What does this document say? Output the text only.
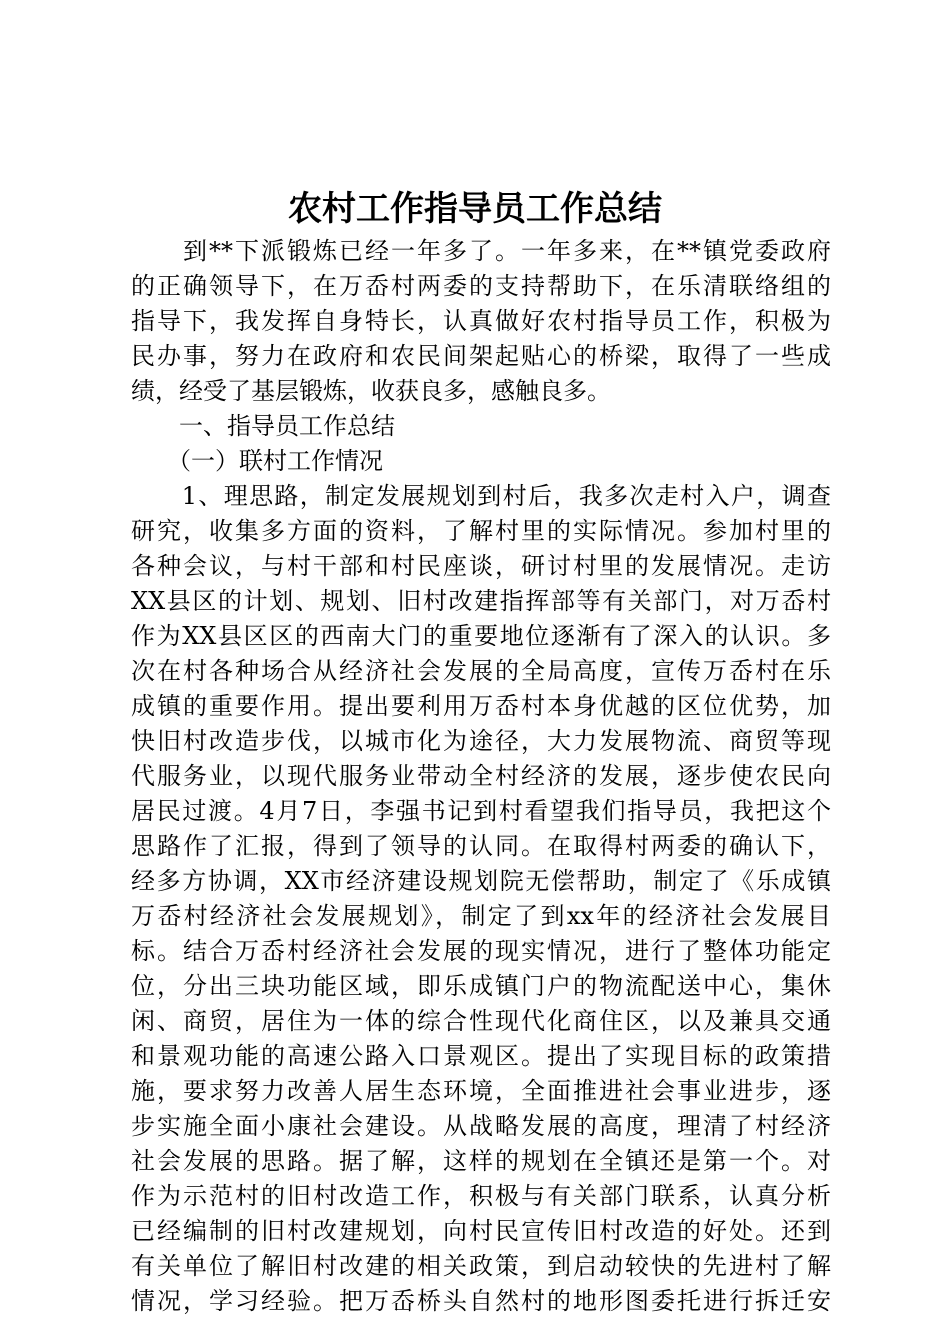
农村工作指导员工作总结
　　到**下派锻炼已经一年多了。一年多来，在**镇党委政府
的正确领导下，在万岙村两委的支持帮助下，在乐清联络组的
指导下，我发挥自身特长，认真做好农村指导员工作，积极为
民办事，努力在政府和农民间架起贴心的桥梁，取得了一些成
绩，经受了基层锻炼，收获良多，感触良多。
　　一、指导员工作总结
　　（一）联村工作情况
　　1、理思路，制定发展规划到村后，我多次走村入户，调查
研究，收集多方面的资料，了解村里的实际情况。参加村里的
各种会议，与村干部和村民座谈，研讨村里的发展情况。走访
XX县区的计划、规划、旧村改建指挥部等有关部门，对万岙村
作为XX县区区的西南大门的重要地位逐渐有了深入的认识。多
次在村各种场合从经济社会发展的全局高度，宣传万岙村在乐
成镇的重要作用。提出要利用万岙村本身优越的区位优势，加
快旧村改造步伐，以城市化为途径，大力发展物流、商贸等现
代服务业，以现代服务业带动全村经济的发展，逐步使农民向
居民过渡。4月7日，李强书记到村看望我们指导员，我把这个
思路作了汇报，得到了领导的认同。在取得村两委的确认下，
经多方协调，XX市经济建设规划院无偿帮助，制定了《乐成镇
万岙村经济社会发展规划》，制定了到xx年的经济社会发展目
标。结合万岙村经济社会发展的现实情况，进行了整体功能定
位，分出三块功能区域，即乐成镇门户的物流配送中心，集休
闲、商贸，居住为一体的综合性现代化商住区，以及兼具交通
和景观功能的高速公路入口景观区。提出了实现目标的政策措
施，要求努力改善人居生态环境，全面推进社会事业进步，逐
步实施全面小康社会建设。从战略发展的高度，理清了村经济
社会发展的思路。据了解，这样的规划在全镇还是第一个。对
作为示范村的旧村改造工作，积极与有关部门联系，认真分析
已经编制的旧村改建规划，向村民宣传旧村改造的好处。还到
有关单位了解旧村改建的相关政策，到启动较快的先进村了解
情况，学习经验。把万岙桥头自然村的地形图委托进行拆迁安
